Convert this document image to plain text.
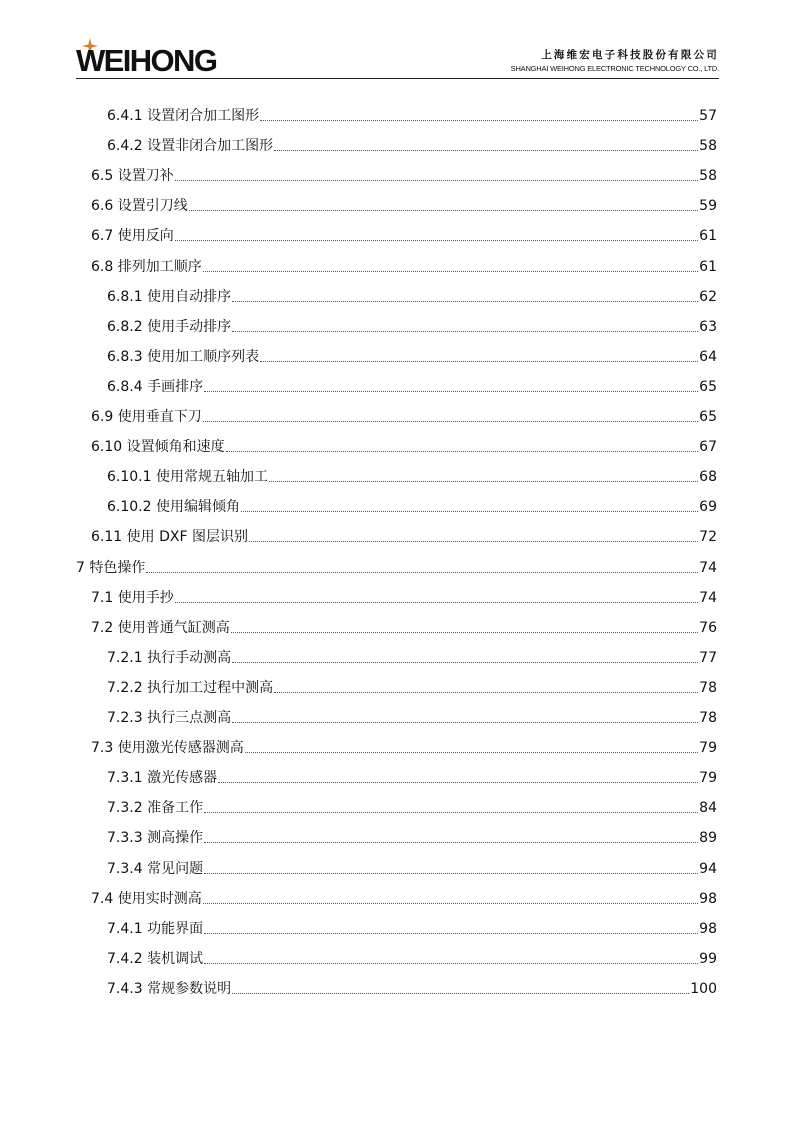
WEIHONG	上海维宏电子科技股份有限公司
SHANGHAI WEIHONG ELECTRONIC TECHNOLOGY CO., LTD.
6.4.1 设置闭合加工图形	57
6.4.2 设置非闭合加工图形	58
6.5 设置刀补	58
6.6 设置引刀线	59
6.7 使用反向	61
6.8 排列加工顺序	61
6.8.1 使用自动排序	62
6.8.2 使用手动排序	63
6.8.3 使用加工顺序列表	64
6.8.4 手画排序	65
6.9 使用垂直下刀	65
6.10 设置倾角和速度	67
6.10.1 使用常规五轴加工	68
6.10.2 使用编辑倾角	69
6.11 使用 DXF 图层识别	72
7 特色操作	74
7.1 使用手抄	74
7.2 使用普通气缸测高	76
7.2.1 执行手动测高	77
7.2.2 执行加工过程中测高	78
7.2.3 执行三点测高	78
7.3 使用激光传感器测高	79
7.3.1 激光传感器	79
7.3.2 准备工作	84
7.3.3 测高操作	89
7.3.4 常见问题	94
7.4 使用实时测高	98
7.4.1 功能界面	98
7.4.2 装机调试	99
7.4.3 常规参数说明	100
